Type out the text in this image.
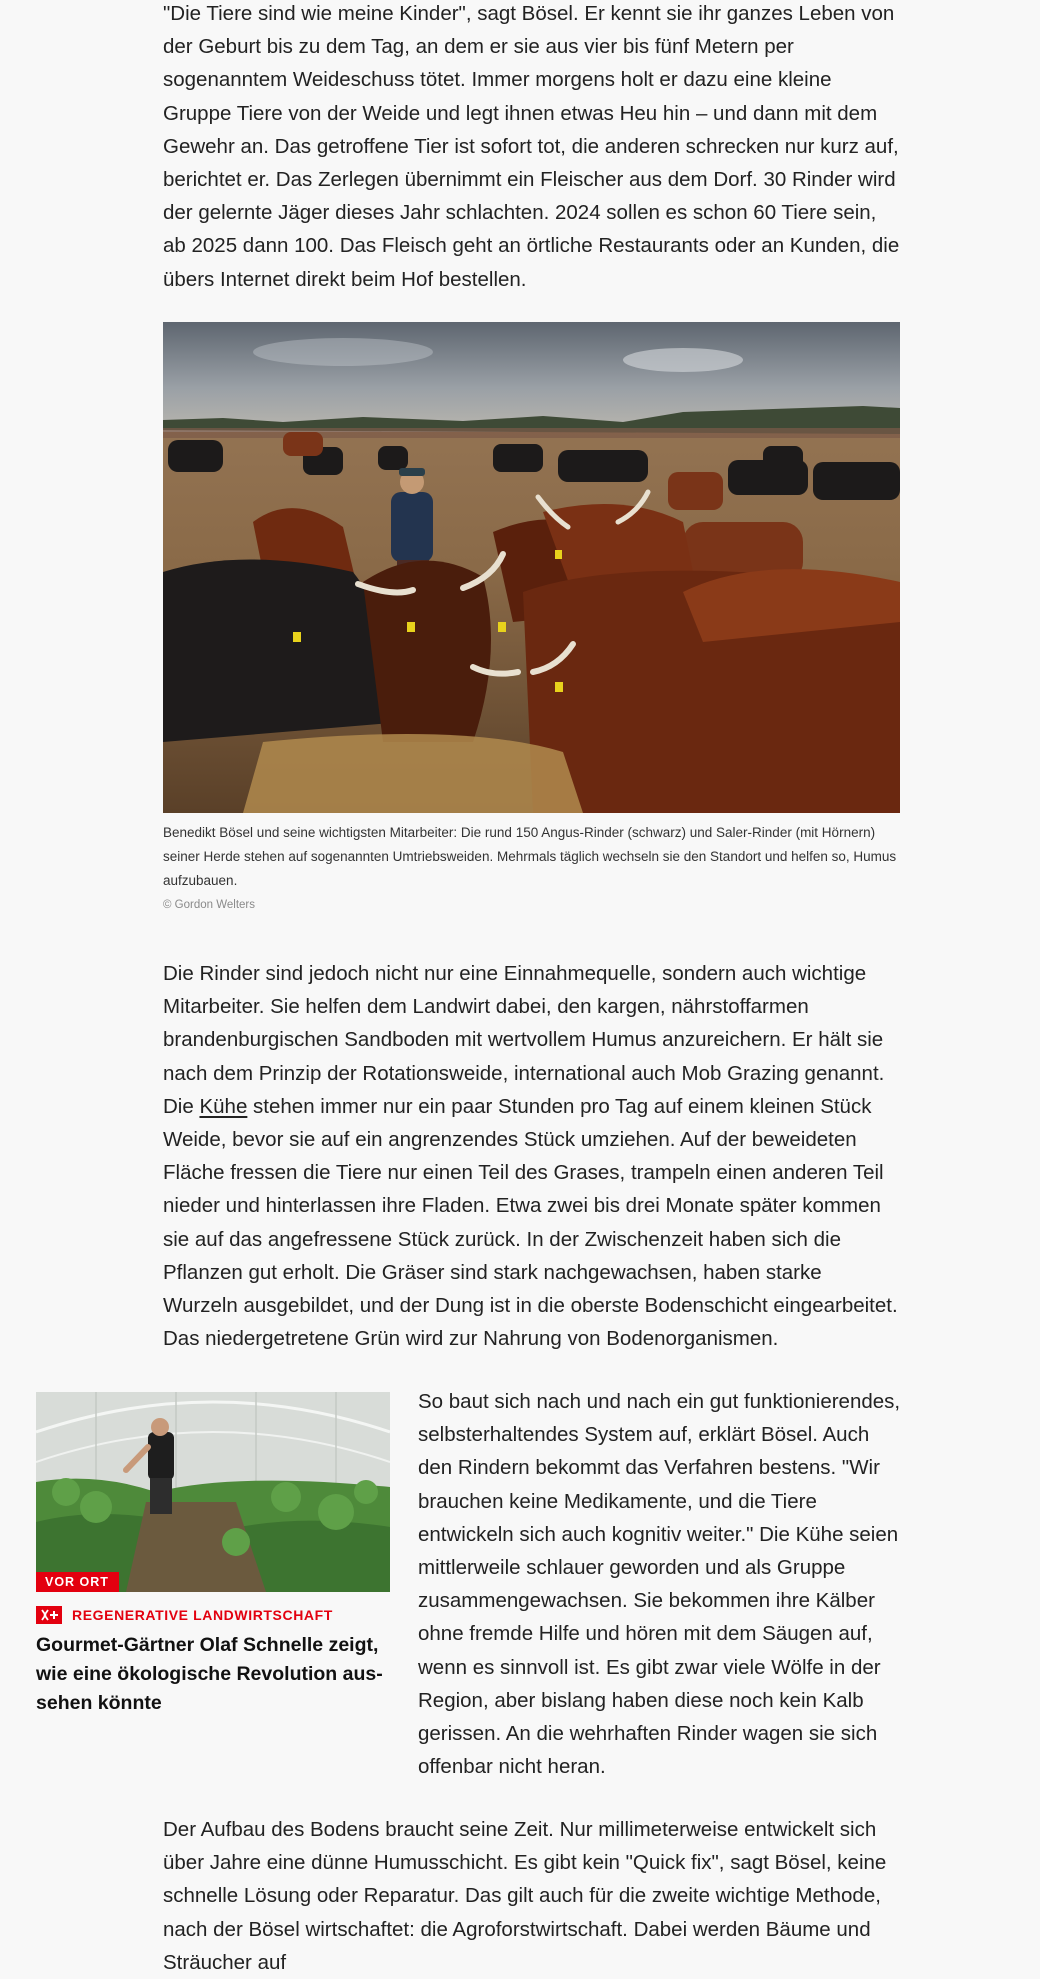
"Die Tiere sind wie meine Kinder", sagt Bösel. Er kennt sie ihr ganzes Leben von der Geburt bis zu dem Tag, an dem er sie aus vier bis fünf Metern per sogenanntem Weideschuss tötet. Immer morgens holt er dazu eine kleine Gruppe Tiere von der Weide und legt ihnen etwas Heu hin – und dann mit dem Gewehr an. Das getroffene Tier ist sofort tot, die anderen schrecken nur kurz auf, berichtet er. Das Zerlegen übernimmt ein Fleischer aus dem Dorf. 30 Rinder wird der gelernte Jäger dieses Jahr schlachten. 2024 sollen es schon 60 Tiere sein, ab 2025 dann 100. Das Fleisch geht an örtliche Restaurants oder an Kunden, die übers Internet direkt beim Hof bestellen.

Benedikt Bösel und seine wichtigsten Mitarbeiter: Die rund 150 Angus-Rinder (schwarz) und Saler-Rinder (mit Hörnern) seiner Herde stehen auf sogenannten Umtriebsweiden. Mehrmals täglich wechseln sie den Standort und helfen so, Humus aufzubauen.
© Gordon Welters

Die Rinder sind jedoch nicht nur eine Einnahmequelle, sondern auch wichtige Mitarbeiter. Sie helfen dem Landwirt dabei, den kargen, nährstoffarmen brandenburgischen Sandboden mit wertvollem Humus anzureichern. Er hält sie nach dem Prinzip der Rotationsweide, international auch Mob Grazing genannt. Die Kühe stehen immer nur ein paar Stunden pro Tag auf einem kleinen Stück Weide, bevor sie auf ein angrenzendes Stück umziehen. Auf der beweideten Fläche fressen die Tiere nur einen Teil des Grases, trampeln einen anderen Teil nieder und hinterlassen ihre Fladen. Etwa zwei bis drei Monate später kommen sie auf das angefressene Stück zurück. In der Zwischenzeit haben sich die Pflanzen gut erholt. Die Gräser sind stark nachgewachsen, haben starke Wurzeln ausgebildet, und der Dung ist in die oberste Bodenschicht eingearbeitet. Das niedergetretene Grün wird zur Nahrung von Bodenorganismen.

VOR ORT
REGENERATIVE LANDWIRTSCHAFT
Gourmet-Gärtner Olaf Schnelle zeigt, wie eine ökologische Revolution aussehen könnte

So baut sich nach und nach ein gut funktionierendes, selbsterhaltendes System auf, erklärt Bösel. Auch den Rindern bekommt das Verfahren bestens. "Wir brauchen keine Medikamente, und die Tiere entwickeln sich auch kognitiv weiter." Die Kühe seien mittlerweile schlauer geworden und als Gruppe zusammengewachsen. Sie bekommen ihre Kälber ohne fremde Hilfe und hören mit dem Säugen auf, wenn es sinnvoll ist. Es gibt zwar viele Wölfe in der Region, aber bislang haben diese noch kein Kalb gerissen. An die wehrhaften Rinder wagen sie sich offenbar nicht heran.

Der Aufbau des Bodens braucht seine Zeit. Nur millimeterweise entwickelt sich über Jahre eine dünne Humusschicht. Es gibt kein "Quick fix", sagt Bösel, keine schnelle Lösung oder Reparatur. Das gilt auch für die zweite wichtige Methode, nach der Bösel wirtschaftet: die Agroforstwirtschaft. Dabei werden Bäume und Sträucher auf
